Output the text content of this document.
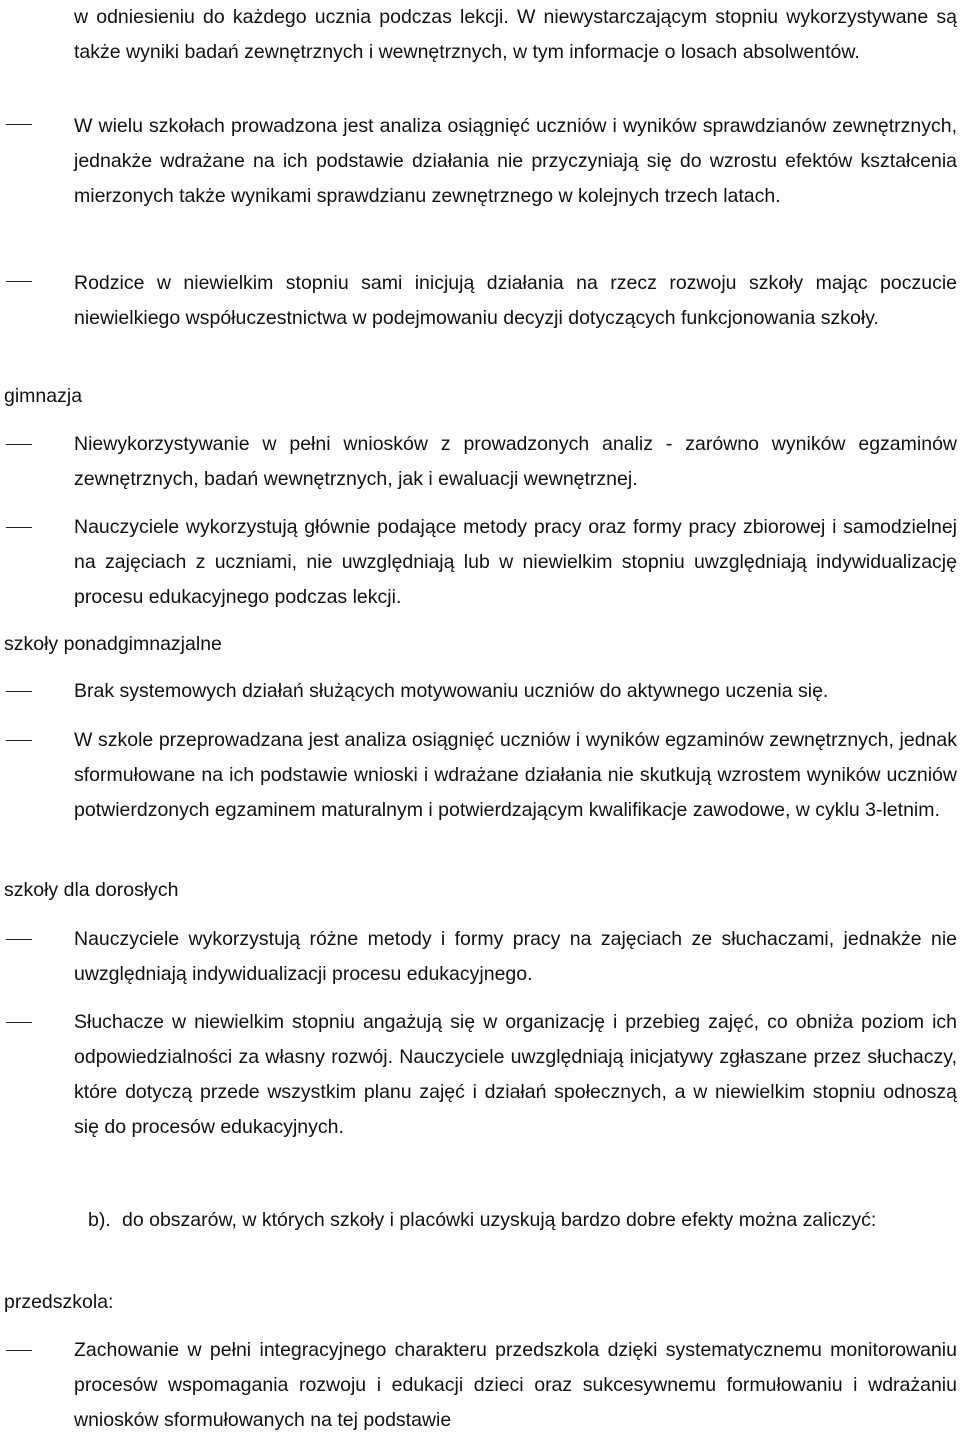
w odniesieniu do każdego ucznia podczas lekcji. W niewystarczającym stopniu wykorzystywane są także wyniki badań zewnętrznych i wewnętrznych, w tym informacje o losach absolwentów.
W wielu szkołach prowadzona jest analiza osiągnięć uczniów i wyników sprawdzianów zewnętrznych, jednakże wdrażane na ich podstawie działania nie przyczyniają się do wzrostu efektów kształcenia mierzonych także wynikami sprawdzianu zewnętrznego w kolejnych trzech latach.
Rodzice w niewielkim stopniu sami inicjują działania na rzecz rozwoju szkoły mając poczucie niewielkiego współuczestnictwa w podejmowaniu decyzji dotyczących funkcjonowania szkoły.
gimnazja
Niewykorzystywanie w pełni wniosków z prowadzonych analiz - zarówno wyników egzaminów zewnętrznych, badań wewnętrznych, jak i ewaluacji wewnętrznej.
Nauczyciele wykorzystują głównie podające metody pracy oraz formy pracy zbiorowej i samodzielnej na zajęciach z uczniami, nie uwzględniają lub w niewielkim stopniu uwzględniają indywidualizację procesu edukacyjnego podczas lekcji.
szkoły ponadgimnazjalne
Brak systemowych działań służących motywowaniu uczniów do aktywnego uczenia się.
W szkole przeprowadzana jest analiza osiągnięć uczniów i wyników egzaminów zewnętrznych, jednak sformułowane na ich podstawie wnioski i wdrażane działania nie skutkują wzrostem wyników uczniów potwierdzonych egzaminem maturalnym i potwierdzającym kwalifikacje zawodowe, w cyklu 3-letnim.
szkoły dla dorosłych
Nauczyciele wykorzystują różne metody i formy pracy na zajęciach ze słuchaczami, jednakże nie uwzględniają indywidualizacji procesu edukacyjnego.
Słuchacze w niewielkim stopniu angażują się w organizację i przebieg zajęć, co obniża poziom ich odpowiedzialności za własny rozwój. Nauczyciele uwzględniają inicjatywy zgłaszane przez słuchaczy, które dotyczą przede wszystkim planu zajęć i działań społecznych, a w niewielkim stopniu odnoszą się do procesów edukacyjnych.
b). do obszarów, w których szkoły i placówki uzyskują bardzo dobre efekty można zaliczyć:
przedszkola:
Zachowanie w pełni integracyjnego charakteru przedszkola dzięki systematycznemu monitorowaniu procesów wspomagania rozwoju i edukacji dzieci oraz sukcesywnemu formułowaniu i wdrażaniu wniosków sformułowanych na tej podstawie
